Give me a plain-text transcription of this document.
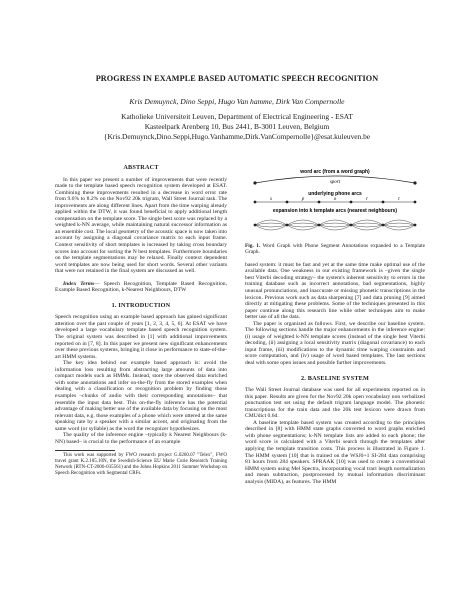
PROGRESS IN EXAMPLE BASED AUTOMATIC SPEECH RECOGNITION
Kris Demuynck, Dino Seppi, Hugo Van hamme, Dirk Van Compernolle
Katholieke Universiteit Leuven, Department of Electrical Engineering - ESAT
Kasteelpark Arenberg 10, Bus 2441, B-3001 Leuven, Belgium
{Kris.Demuynck,Dino.Seppi,Hugo.Vanhamme,Dirk.VanCompernolle}@esat.kuleuven.be
ABSTRACT

In this paper we present a number of improvements that were recently made to the template based speech recognition system developed at ESAT. Combining these improvements resulted in a decrease in word error rate from 9.6% to 8.2% on the Nov92 20k trigram, Wall Street Journal task. The improvements are along different lines. Apart from the time warping already applied within the DTW, it was found beneficial to apply additional length compensation on the template score. The single best score was replaced by a weighted k-NN average, while maintaining natural successor information as an ensemble cost. The local geometry of the acoustic space is now taken into account by assigning a diagonal covariance matrix to each input frame. Context sensitivity of short templates is increased by taking cross boundary scores into account for sorting the N best templates. Furthermore boundaries on the template segmentations may be relaxed. Finally context dependent word templates are now being used for short words. Several other variants that were not retained in the final system are discussed as well.

Index Terms— Speech Recognition, Template Based Recognition, Example Based Recognition, k-Nearest Neighbours, DTW

1. INTRODUCTION

Speech recognition using an example based approach has gained significant attention over the past couple of years [1, 2, 3, 4, 5, 6]. At ESAT we have developed a large vocabulary template based speech recognition system. The original system was described in [1] with additional improvements reported on in [7, 8]. In this paper we present new significant enhancements over these previous systems, bringing it close in performance to state-of-the-art HMM systems.

The key idea behind our example based approach is: avoid the information loss resulting from abstracting large amounts of data into compact models such as HMMs. Instead, store the observed data enriched with some annotations and infer on-the-fly from the stored examples when dealing with a classification or recognition problem by finding those examples –chunks of audio with their corresponding annotations– that resemble the input data best. This on-the-fly inference has the potential advantage of making better use of the available data by focusing on the most relevant data, e.g. those examples of a phone which were uttered at the same speaking rate by a speaker with a similar accent, and originating from the same word (or syllable) as the word the recognizer hypothesizes.

The quality of the inference engine –typically k Nearest Neighbours (k-NN) based– is crucial to the performance of an example

This work was supported by FWO research project G.0260.07 "Telex", FWO travel grant K.2.105.10N, the Swedish-Science EU Marie Curie Research Training Network (RTN-CT-2006-035561) and the Johns Hopkins 2011 Summer Workshop on Speech Recognition with Segmental CRFs.

word arc (from a word graph)
sport
underlying phone arcs
s	p	o	r	t
expansion into k template arcs (nearest neighbours)

Fig. 1. Word Graph with Phone Segment Annotations expanded to a Template Graph.

based system: it must be fast and yet at the same time make optimal use of the available data. One weakness in our existing framework is –given the single best Viterbi decoding strategy– the system's inherent sensitivity to errors in the training database such as incorrect annotations, bad segmentations, highly unusual pronunciations, and inaccurate or missing phonetic transcriptions in the lexicon. Previous work such as data sharpening [7] and data pruning [9] aimed directly at mitigating these problems. Some of the techniques presented in this paper continue along this research line while other techniques aim to make better use of all the data.

The paper is organized as follows. First, we describe our baseline system. The following sections handle the major enhancements in the inference engine: (i) usage of weighted k-NN template scores (instead of the single best Viterbi decoding, (ii) assigning a local sensitivity matrix (diagonal covariance) to each input frame, (iii) modifications to the dynamic time warping constraints and score computation, and (iv) usage of word based templates. The last sections deal with some open issues and possible further improvements.

2. BASELINE SYSTEM

The Wall Street Journal database was used for all experiments reported on in this paper. Results are given for the Nov92 20k open vocabulary non verbalized punctuation test set using the default trigram language model. The phonetic transcriptions for the train data and the 20k test lexicon were drawn from CMUdict 0.6d.

A baseline template based system was created according to the principles described in [8] with HMM state graphs converted to word graphs enriched with phone segmentations; k-NN template lists are added to each phone; the word score is calculated with a Viterbi search through the templates after applying the template transition costs. This process is illustrated in Figure 1. The HMM system [10] that is trained on the WSJ0+1 SI-284 data comprising 81 hours from 284 speakers. SPRAAK [10] was used to create a conventional HMM system using Mel Spectra, incorporating vocal tract length normalization and mean subtraction, postprocessed by mutual information discriminant analysis (MIDA), as features. The HMM
